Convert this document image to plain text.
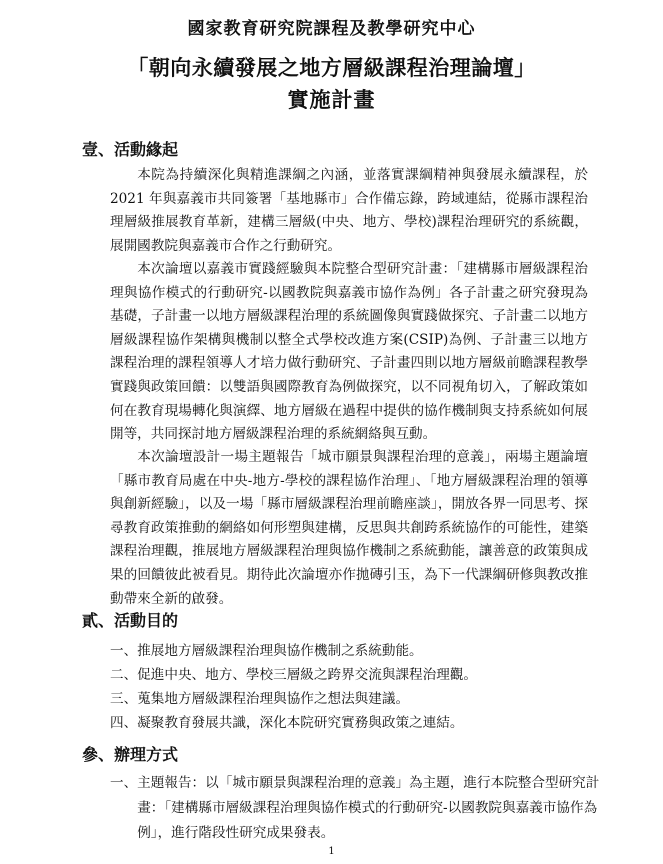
國家教育研究院課程及教學研究中心
「朝向永續發展之地方層級課程治理論壇」
實施計畫
壹、活動緣起

本院為持續深化與精進課綱之內涵，並落實課綱精神與發展永續課程，於 2021 年與嘉義市共同簽署「基地縣市」合作備忘錄，跨域連結，從縣市課程治理層級推展教育革新，建構三層級(中央、地方、學校)課程治理研究的系統觀，展開國教院與嘉義市合作之行動研究。

本次論壇以嘉義市實踐經驗與本院整合型研究計畫：「建構縣市層級課程治理與協作模式的行動研究-以國教院與嘉義市協作為例」各子計畫之研究發現為基礎，子計畫一以地方層級課程治理的系統圖像與實踐做探究、子計畫二以地方層級課程協作架構與機制以整全式學校改進方案(CSIP)為例、子計畫三以地方課程治理的課程領導人才培力做行動研究、子計畫四則以地方層級前瞻課程教學實踐與政策回饋：以雙語與國際教育為例做探究，以不同視角切入，了解政策如何在教育現場轉化與演繹、地方層級在過程中提供的協作機制與支持系統如何展開等，共同探討地方層級課程治理的系統網絡與互動。

本次論壇設計一場主題報告「城市願景與課程治理的意義」，兩場主題論壇「縣市教育局處在中央-地方-學校的課程協作治理」、「地方層級課程治理的領導與創新經驗」，以及一場「縣市層級課程治理前瞻座談」，開放各界一同思考、探尋教育政策推動的網絡如何形塑與建構，反思與共創跨系統協作的可能性，建築課程治理觀，推展地方層級課程治理與協作機制之系統動能，讓善意的政策與成果的回饋彼此被看見。期待此次論壇亦作拋磚引玉，為下一代課綱研修與教改推動帶來全新的啟發。

貳、活動目的
一、推展地方層級課程治理與協作機制之系統動能。
二、促進中央、地方、學校三層級之跨界交流與課程治理觀。
三、蒐集地方層級課程治理與協作之想法與建議。
四、凝聚教育發展共識，深化本院研究實務與政策之連結。
參、辦理方式

一、主題報告：以「城市願景與課程治理的意義」為主題，進行本院整合型研究計畫：「建構縣市層級課程治理與協作模式的行動研究-以國教院與嘉義市協作為例」，進行階段性研究成果發表。

1
